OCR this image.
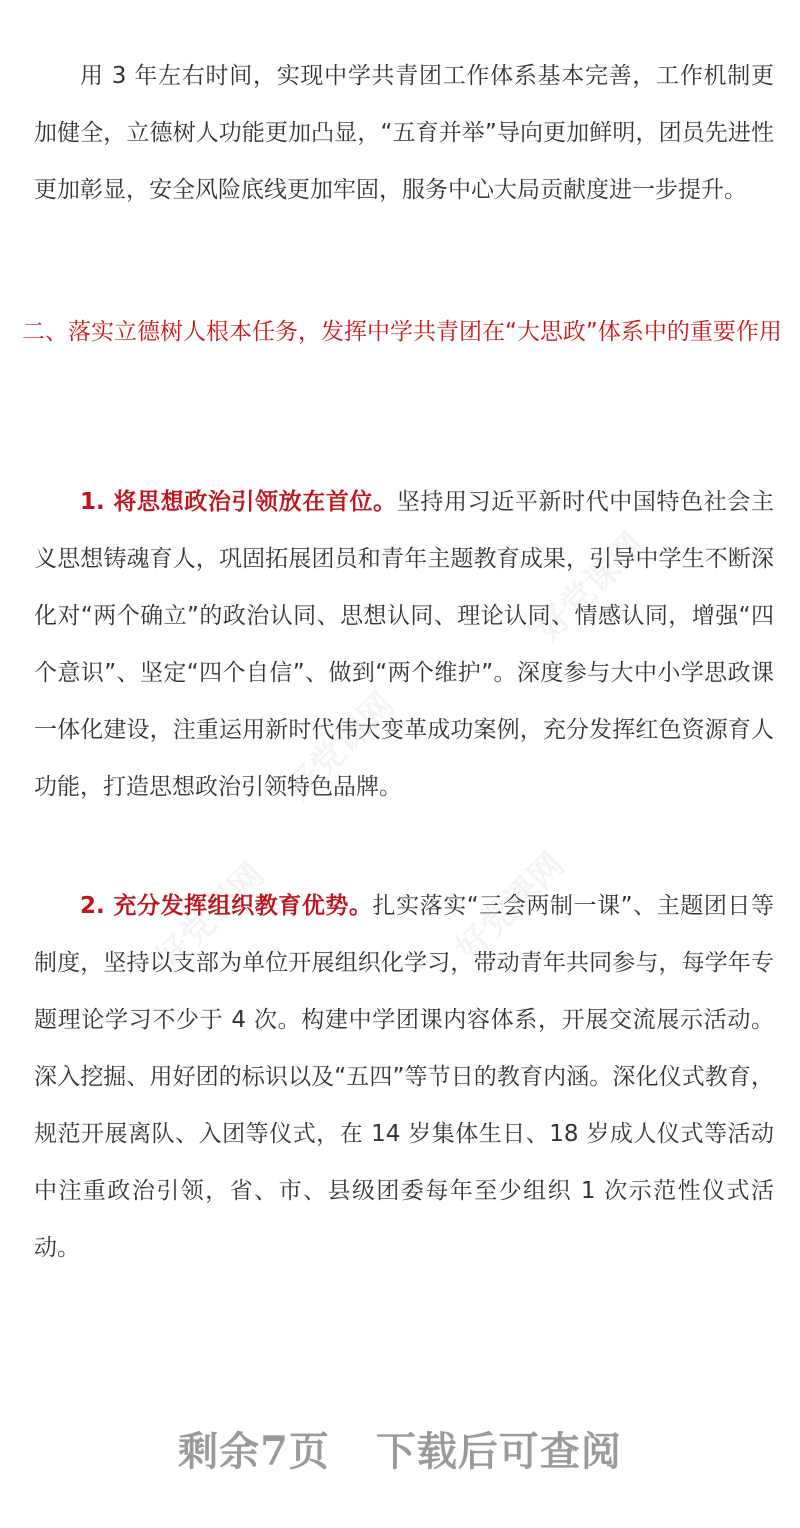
用 3 年左右时间，实现中学共青团工作体系基本完善，工作机制更加健全，立德树人功能更加凸显，“五育并举”导向更加鲜明，团员先进性更加彰显，安全风险底线更加牢固，服务中心大局贡献度进一步提升。

二、落实立德树人根本任务，发挥中学共青团在“大思政”体系中的重要作用

1. 将思想政治引领放在首位。坚持用习近平新时代中国特色社会主义思想铸魂育人，巩固拓展团员和青年主题教育成果，引导中学生不断深化对“两个确立”的政治认同、思想认同、理论认同、情感认同，增强“四个意识”、坚定“四个自信”、做到“两个维护”。深度参与大中小学思政课一体化建设，注重运用新时代伟大变革成功案例，充分发挥红色资源育人功能，打造思想政治引领特色品牌。

2. 充分发挥组织教育优势。扎实落实“三会两制一课”、主题团日等制度，坚持以支部为单位开展组织化学习，带动青年共同参与，每学年专题理论学习不少于 4 次。构建中学团课内容体系，开展交流展示活动。深入挖掘、用好团的标识以及“五四”等节日的教育内涵。深化仪式教育，规范开展离队、入团等仪式，在 14 岁集体生日、18 岁成人仪式等活动中注重政治引领，省、市、县级团委每年至少组织 1 次示范性仪式活动。

剩余7页 下载后可查阅
